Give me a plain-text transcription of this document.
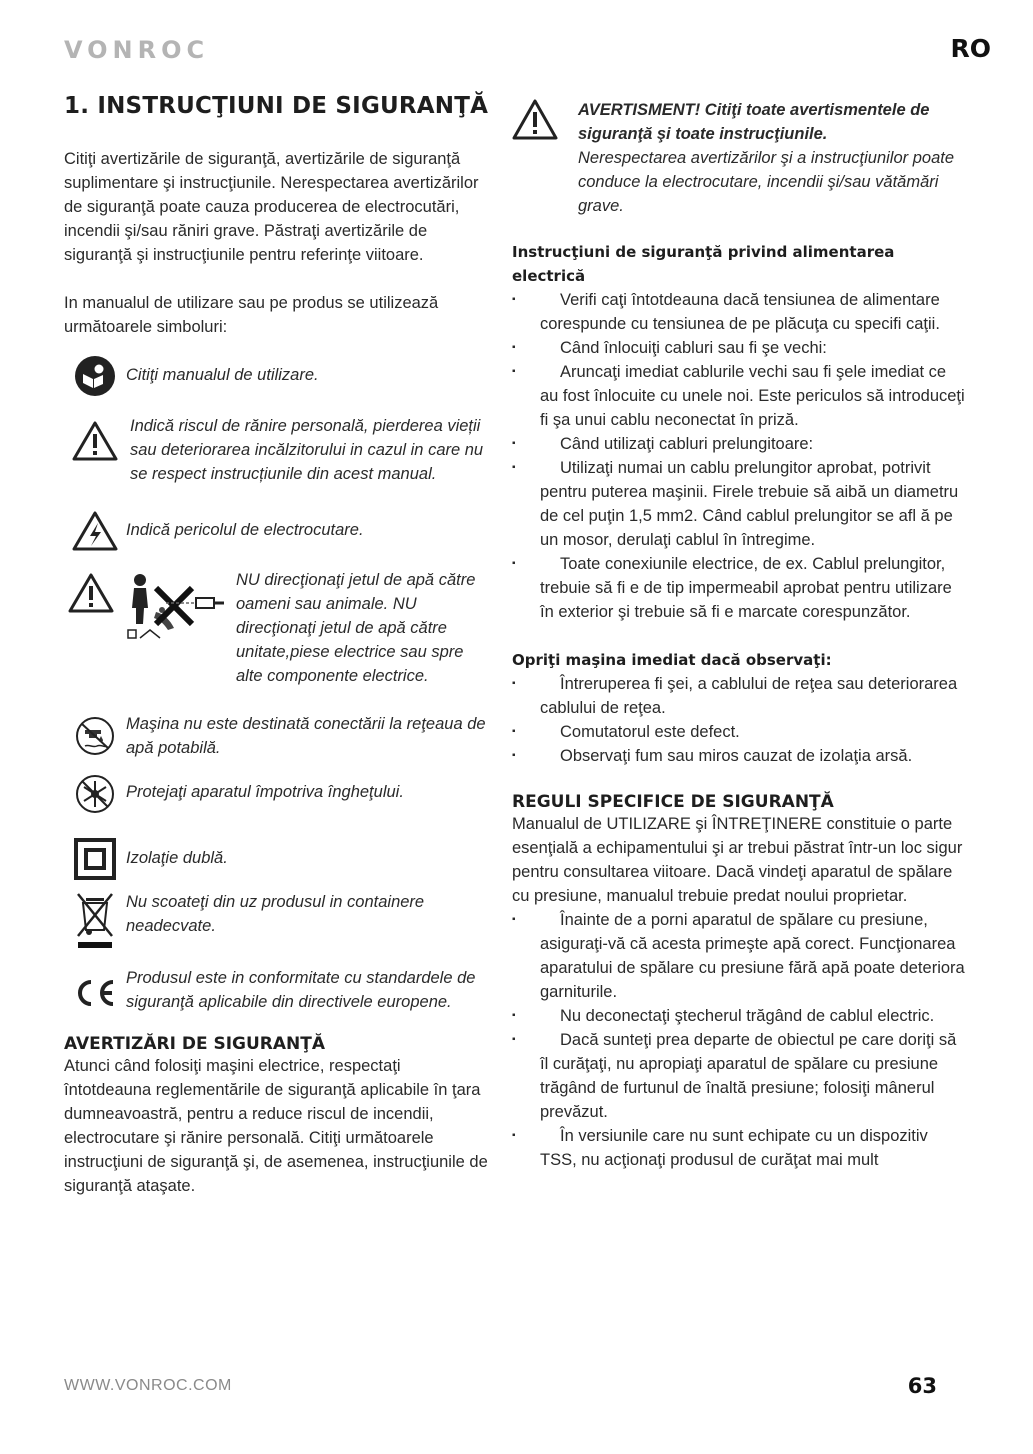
VONROC	RO
1. INSTRUCŢIUNI DE SIGURANŢĂ

Citiţi avertizările de siguranţă, avertizările de siguranţă suplimentare şi instrucţiunile. Nerespectarea avertizărilor de siguranţă poate cauza producerea de electrocutări, incendii şi/sau răniri grave. Păstraţi avertizările de siguranţă şi instrucţiunile pentru referinţe viitoare.

In manualul de utilizare sau pe produs se utilizează următoarele simboluri:

Citiţi manualul de utilizare.
Indică riscul de rănire personală, pierderea vieții sau deteriorarea incălzitorului in cazul in care nu se respect instrucțiunile din acest manual.
Indică pericolul de electrocutare.
NU direcţionaţi jetul de apă către oameni sau animale. NU direcţionaţi jetul de apă către unitate,piese electrice sau spre alte componente electrice.
Maşina nu este destinată conectării la reţeaua de apă potabilă.
Protejaţi aparatul împotriva îngheţului.
Izolaţie dublă.
Nu scoateţi din uz produsul in containere neadecvate.
Produsul este in conformitate cu standardele de siguranţă aplicabile din directivele europene.
AVERTIZĂRI DE SIGURANŢĂ

Atunci când folosiţi maşini electrice, respectaţi întotdeauna reglementările de siguranţă aplicabile în ţara dumneavoastră, pentru a reduce riscul de incendii, electrocutare şi rănire personală. Citiţi următoarele instrucţiuni de siguranţă şi, de asemenea, instrucţiunile de siguranţă ataşate.

AVERTISMENT! Citiţi toate avertismentele de siguranţă şi toate instrucţiunile.
Nerespectarea avertizărilor şi a instrucţiunilor poate conduce la electrocutare, incendii şi/sau vătămări grave.
Instrucţiuni de siguranţă privind alimentarea electrică
▪ Verifi caţi întotdeauna dacă tensiunea de alimentare corespunde cu tensiunea de pe plăcuţa cu specifi caţii.
▪ Când înlocuiţi cabluri sau fi şe vechi:
▪ Aruncaţi imediat cablurile vechi sau fi şele imediat ce au fost înlocuite cu unele noi. Este periculos să introduceţi fi şa unui cablu neconectat în priză.
▪ Când utilizaţi cabluri prelungitoare:
▪ Utilizaţi numai un cablu prelungitor aprobat, potrivit pentru puterea maşinii. Firele trebuie să aibă un diametru de cel puţin 1,5 mm2. Când cablul prelungitor se afl ă pe un mosor, derulaţi cablul în întregime.
▪ Toate conexiunile electrice, de ex. Cablul prelungitor, trebuie să fi e de tip impermeabil aprobat pentru utilizare în exterior şi trebuie să fi e marcate corespunzător.
Opriţi maşina imediat dacă observaţi:
▪ Întreruperea fi şei, a cablului de reţea sau deteriorarea cablului de reţea.
▪ Comutatorul este defect.
▪ Observaţi fum sau miros cauzat de izolaţia arsă.
REGULI SPECIFICE DE SIGURANŢĂ

Manualul de UTILIZARE şi ÎNTREŢINERE constituie o parte esenţială a echipamentului şi ar trebui păstrat într-un loc sigur pentru consultarea viitoare. Dacă vindeţi aparatul de spălare cu presiune, manualul trebuie predat noului proprietar.

▪ Înainte de a porni aparatul de spălare cu presiune, asiguraţi-vă că acesta primeşte apă corect. Funcţionarea aparatului de spălare cu presiune fără apă poate deteriora garniturile.
▪ Nu deconectaţi ştecherul trăgând de cablul electric.
▪ Dacă sunteţi prea departe de obiectul pe care doriţi să îl curăţaţi, nu apropiaţi aparatul de spălare cu presiune trăgând de furtunul de înaltă presiune; folosiţi mânerul prevăzut.
▪ În versiunile care nu sunt echipate cu un dispozitiv TSS, nu acţionaţi produsul de curăţat mai mult
WWW.VONROC.COM	63
